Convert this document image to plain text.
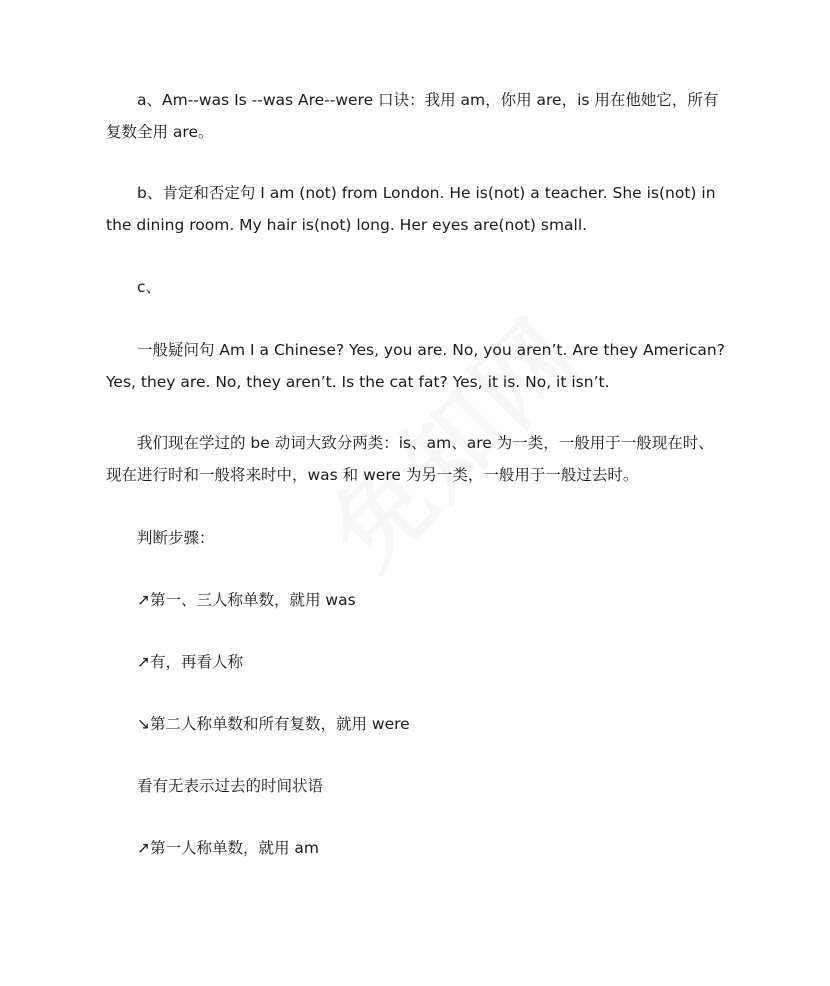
a、Am--was Is --was Are--were 口诀：我用 am，你用 are，is 用在他她它，所有复数全用 are。

b、肯定和否定句 I am (not) from London. He is(not) a teacher. She is(not) in the dining room. My hair is(not) long. Her eyes are(not) small.

c、

一般疑问句 Am I a Chinese? Yes, you are. No, you aren’t. Are they American? Yes, they are. No, they aren’t. Is the cat fat? Yes, it is. No, it isn’t.

我们现在学过的 be 动词大致分两类：is、am、are 为一类，一般用于一般现在时、现在进行时和一般将来时中，was 和 were 为另一类，一般用于一般过去时。

判断步骤：

↗第一、三人称单数，就用 was

↗有，再看人称

↘第二人称单数和所有复数，就用 were

看有无表示过去的时间状语

↗第一人称单数，就用 am
